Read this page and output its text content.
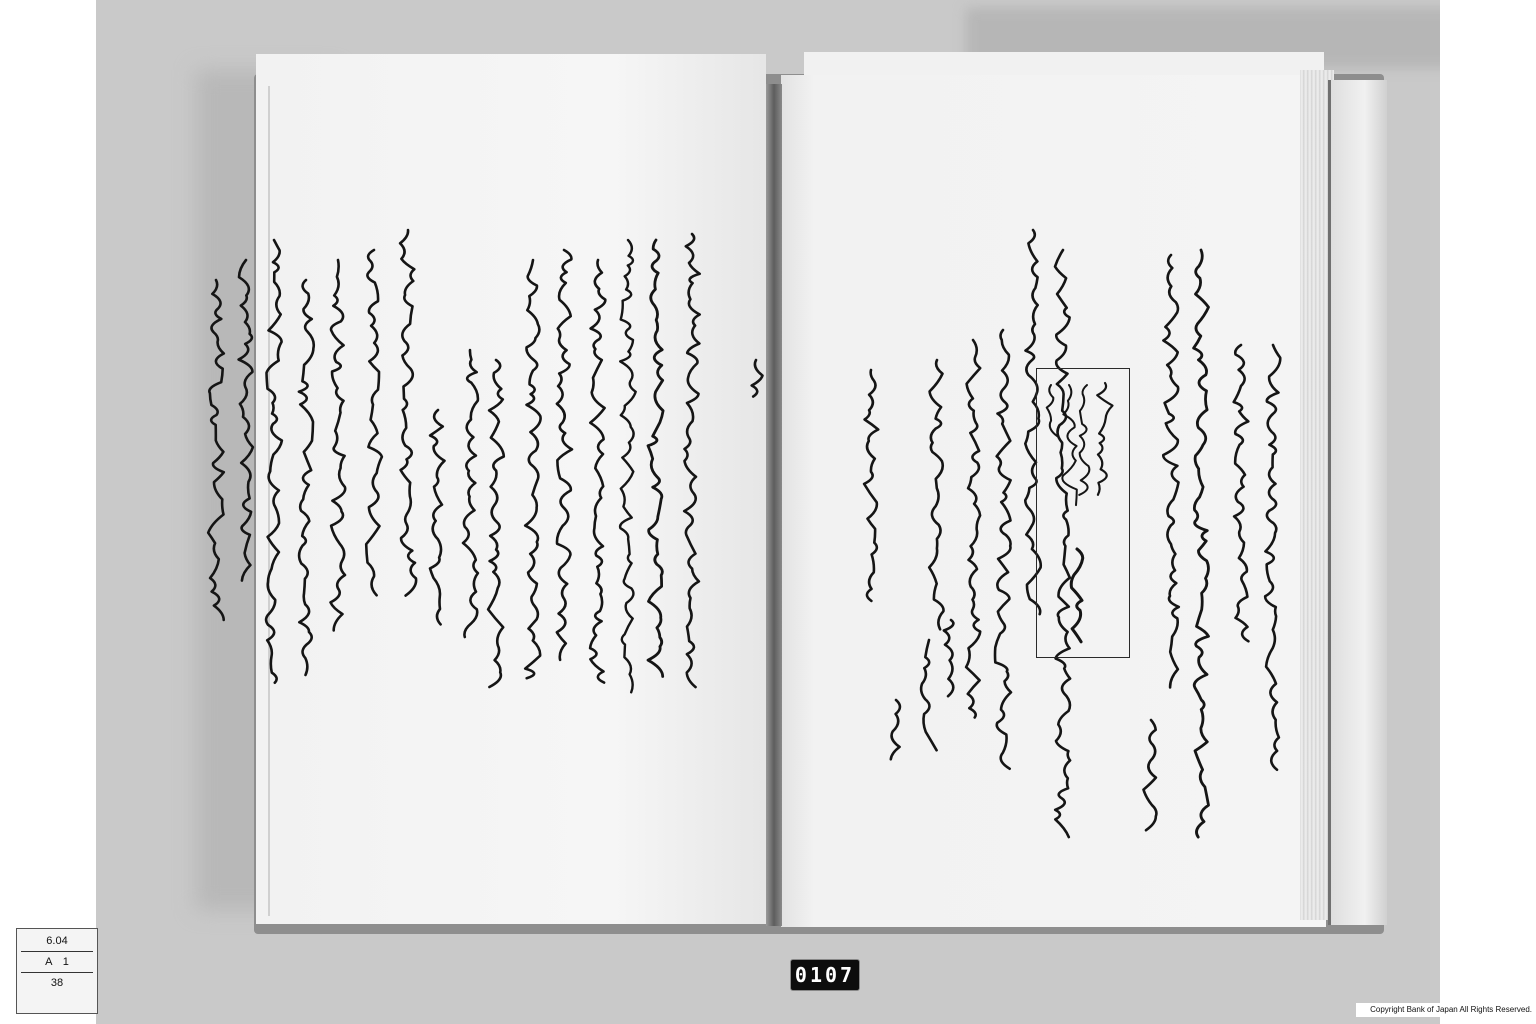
6.04
A　1
38	0107
Copyright Bank of Japan All Rights Reserved.
